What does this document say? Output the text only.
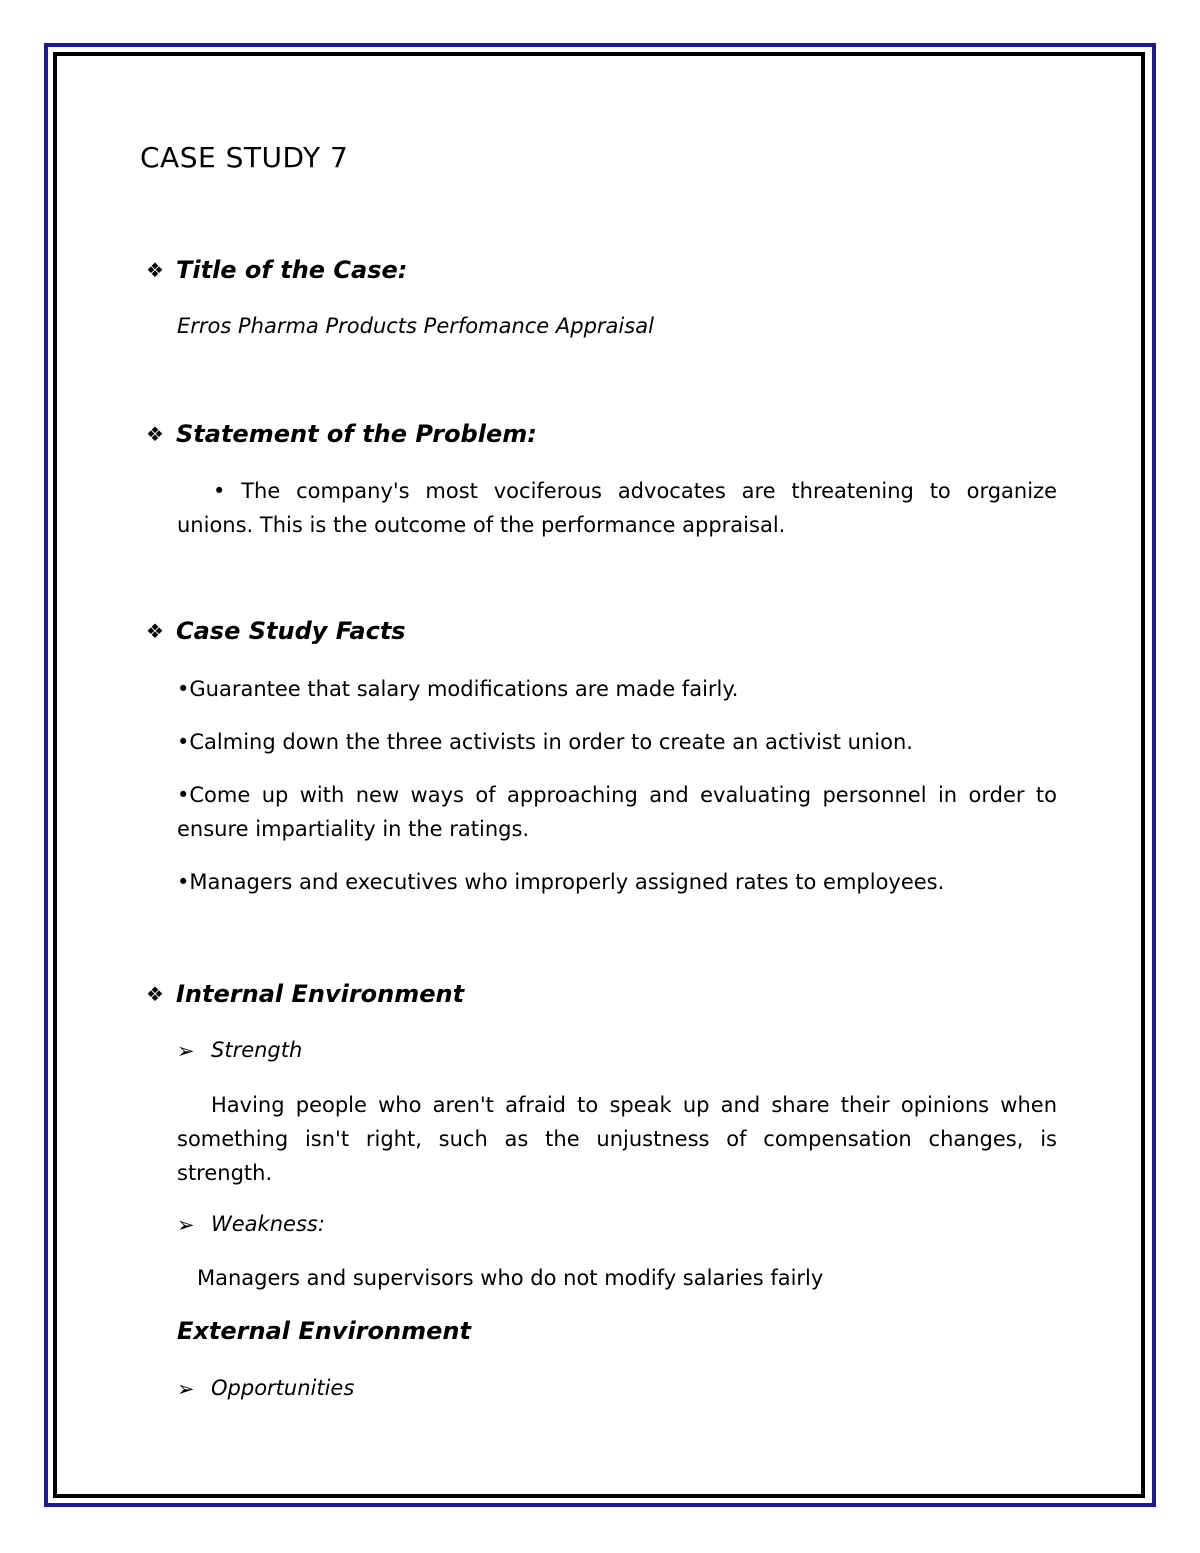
CASE STUDY 7
❖ Title of the Case:
Erros Pharma Products Perfomance Appraisal
❖ Statement of the Problem:
• The company's most vociferous advocates are threatening to organize unions. This is the outcome of the performance appraisal.
❖ Case Study Facts
•Guarantee that salary modifications are made fairly.
•Calming down the three activists in order to create an activist union.
•Come up with new ways of approaching and evaluating personnel in order to ensure impartiality in the ratings.
•Managers and executives who improperly assigned rates to employees.
❖ Internal Environment
➢ Strength
Having people who aren't afraid to speak up and share their opinions when something isn't right, such as the unjustness of compensation changes, is strength.
➢ Weakness:
Managers and supervisors who do not modify salaries fairly
External Environment
➢ Opportunities
